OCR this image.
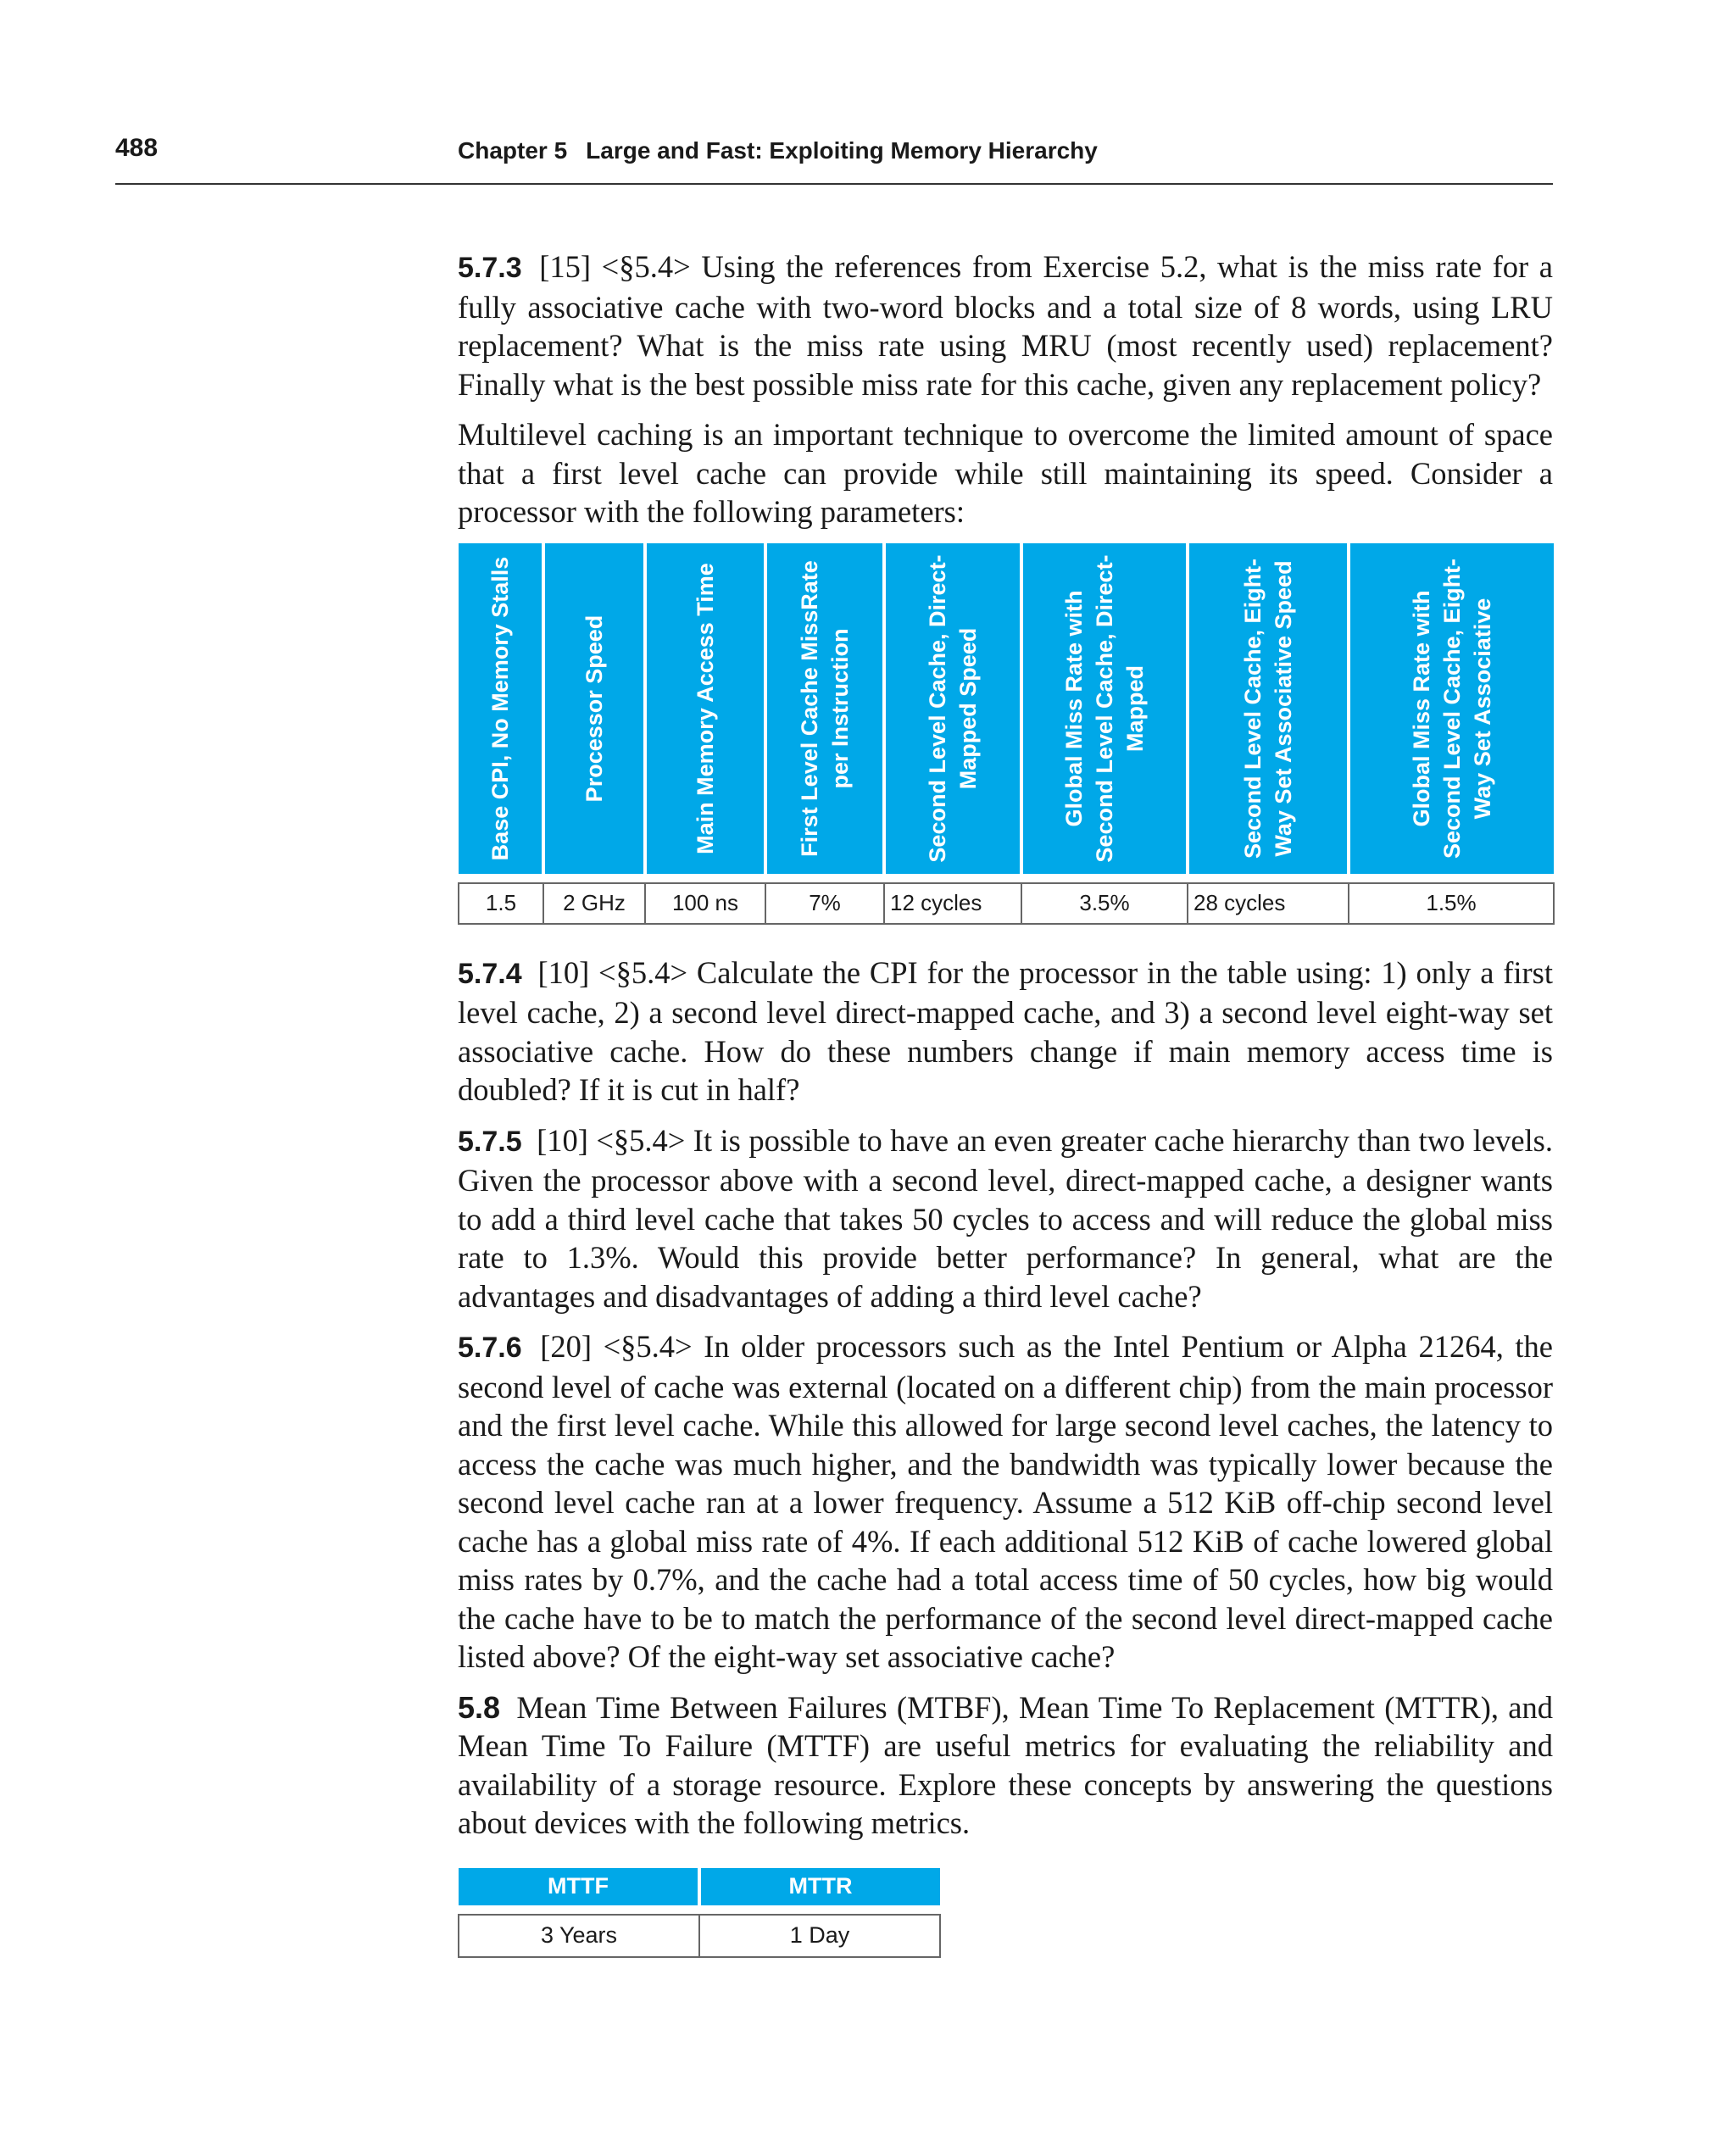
488	Chapter 5 Large and Fast: Exploiting Memory Hierarchy

5.7.3 [15] <§5.4> Using the references from Exercise 5.2, what is the miss rate for a fully associative cache with two-word blocks and a total size of 8 words, using LRU replacement? What is the miss rate using MRU (most recently used) replacement? Finally what is the best possible miss rate for this cache, given any replacement policy?

Multilevel caching is an important technique to overcome the limited amount of space that a first level cache can provide while still maintaining its speed. Consider a processor with the following parameters:

Base CPI, No Memory Stalls	Processor Speed	Main Memory Access Time	First Level Cache MissRate per Instruction	Second Level Cache, Direct-Mapped Speed	Global Miss Rate with Second Level Cache, Direct-Mapped	Second Level Cache, Eight-Way Set Associative Speed	Global Miss Rate with Second Level Cache, Eight-Way Set Associative

1.5	2 GHz	100 ns	7%	12 cycles	3.5%	28 cycles	1.5%

5.7.4 [10] <§5.4> Calculate the CPI for the processor in the table using: 1) only a first level cache, 2) a second level direct-mapped cache, and 3) a second level eight-way set associative cache. How do these numbers change if main memory access time is doubled? If it is cut in half?

5.7.5 [10] <§5.4> It is possible to have an even greater cache hierarchy than two levels. Given the processor above with a second level, direct-mapped cache, a designer wants to add a third level cache that takes 50 cycles to access and will reduce the global miss rate to 1.3%. Would this provide better performance? In general, what are the advantages and disadvantages of adding a third level cache?

5.7.6 [20] <§5.4> In older processors such as the Intel Pentium or Alpha 21264, the second level of cache was external (located on a different chip) from the main processor and the first level cache. While this allowed for large second level caches, the latency to access the cache was much higher, and the bandwidth was typically lower because the second level cache ran at a lower frequency. Assume a 512 KiB off-chip second level cache has a global miss rate of 4%. If each additional 512 KiB of cache lowered global miss rates by 0.7%, and the cache had a total access time of 50 cycles, how big would the cache have to be to match the performance of the second level direct-mapped cache listed above? Of the eight-way set associative cache?

5.8 Mean Time Between Failures (MTBF), Mean Time To Replacement (MTTR), and Mean Time To Failure (MTTF) are useful metrics for evaluating the reliability and availability of a storage resource. Explore these concepts by answering the questions about devices with the following metrics.

MTTF	MTTR

3 Years	1 Day
